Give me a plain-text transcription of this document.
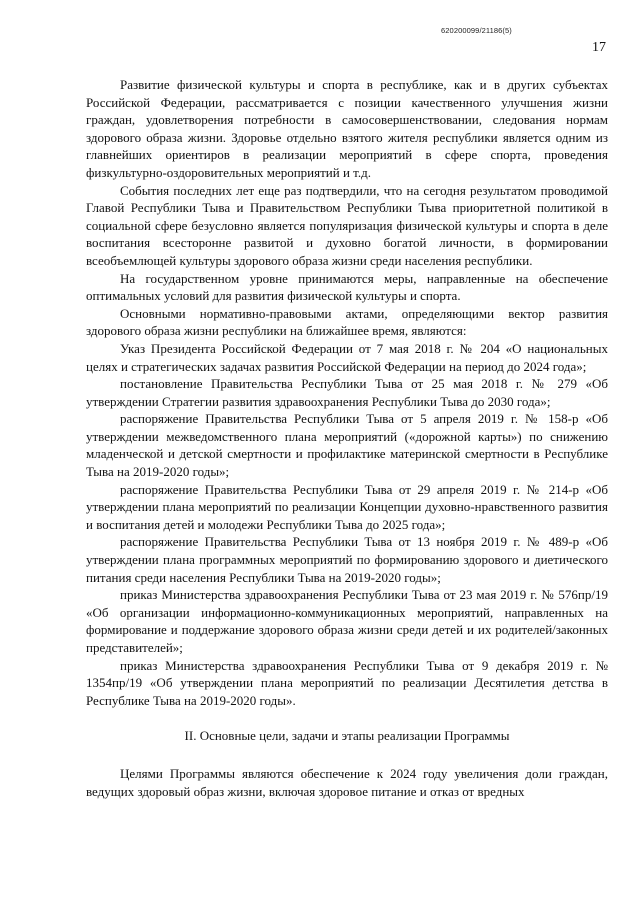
620200099/21186(5)
17

Развитие физической культуры и спорта в республике, как и в других субъектах Российской Федерации, рассматривается с позиции качественного улучшения жизни граждан, удовлетворения потребности в самосовершенствовании, следования нормам здорового образа жизни. Здоровье отдельно взятого жителя республики является одним из главнейших ориентиров в реализации мероприятий в сфере спорта, проведения физкультурно-оздоровительных мероприятий и т.д.

События последних лет еще раз подтвердили, что на сегодня результатом проводимой Главой Республики Тыва и Правительством Республики Тыва приоритетной политикой в социальной сфере безусловно является популяризация физической культуры и спорта в деле воспитания всесторонне развитой и духовно богатой личности, в формировании всеобъемлющей культуры здорового образа жизни среди населения республики.

На государственном уровне принимаются меры, направленные на обеспечение оптимальных условий для развития физической культуры и спорта.

Основными нормативно-правовыми актами, определяющими вектор развития здорового образа жизни республики на ближайшее время, являются:

Указ Президента Российской Федерации от 7 мая 2018 г. № 204 «О национальных целях и стратегических задачах развития Российской Федерации на период до 2024 года»;

постановление Правительства Республики Тыва от 25 мая 2018 г. № 279 «Об утверждении Стратегии развития здравоохранения Республики Тыва до 2030 года»;

распоряжение Правительства Республики Тыва от 5 апреля 2019 г. № 158-р «Об утверждении межведомственного плана мероприятий («дорожной карты») по снижению младенческой и детской смертности и профилактике материнской смертности в Республике Тыва на 2019-2020 годы»;

распоряжение Правительства Республики Тыва от 29 апреля 2019 г. № 214-р «Об утверждении плана мероприятий по реализации Концепции духовно-нравственного развития и воспитания детей и молодежи Республики Тыва до 2025 года»;

распоряжение Правительства Республики Тыва от 13 ноября 2019 г. № 489-р «Об утверждении плана программных мероприятий по формированию здорового и диетического питания среди населения Республики Тыва на 2019-2020 годы»;

приказ Министерства здравоохранения Республики Тыва от 23 мая 2019 г. № 576пр/19 «Об организации информационно-коммуникационных мероприятий, направленных на формирование и поддержание здорового образа жизни среди детей и их родителей/законных представителей»;

приказ Министерства здравоохранения Республики Тыва от 9 декабря 2019 г. № 1354пр/19 «Об утверждении плана мероприятий по реализации Десятилетия детства в Республике Тыва на 2019-2020 годы».

II. Основные цели, задачи и этапы реализации Программы

Целями Программы являются обеспечение к 2024 году увеличения доли граждан, ведущих здоровый образ жизни, включая здоровое питание и отказ от вредных
